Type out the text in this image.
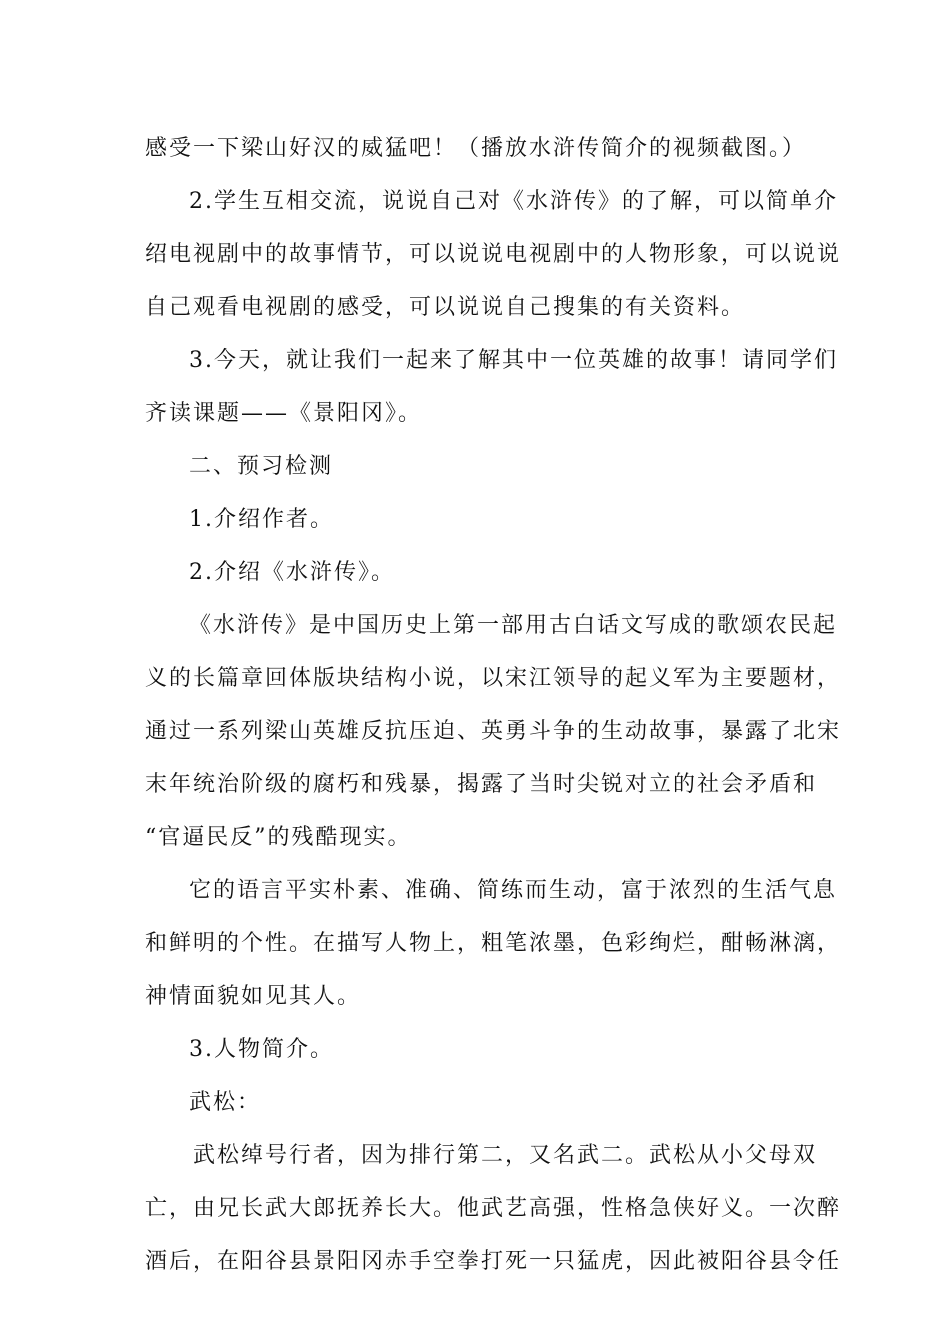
感受一下梁山好汉的威猛吧！（播放水浒传简介的视频截图。）
2.学生互相交流，说说自己对《水浒传》的了解，可以简单介
绍电视剧中的故事情节，可以说说电视剧中的人物形象，可以说说
自己观看电视剧的感受，可以说说自己搜集的有关资料。
3.今天，就让我们一起来了解其中一位英雄的故事！请同学们
齐读课题——《景阳冈》。
二、预习检测
1.介绍作者。
2.介绍《水浒传》。
《水浒传》是中国历史上第一部用古白话文写成的歌颂农民起
义的长篇章回体版块结构小说，以宋江领导的起义军为主要题材，
通过一系列梁山英雄反抗压迫、英勇斗争的生动故事，暴露了北宋
末年统治阶级的腐朽和残暴，揭露了当时尖锐对立的社会矛盾和
“官逼民反”的残酷现实。
它的语言平实朴素、准确、简练而生动，富于浓烈的生活气息
和鲜明的个性。在描写人物上，粗笔浓墨，色彩绚烂，酣畅淋漓，
神情面貌如见其人。
3.人物简介。
武松：
武松绰号行者，因为排行第二，又名武二。武松从小父母双
亡，由兄长武大郎抚养长大。他武艺高强，性格急侠好义。一次醉
酒后，在阳谷县景阳冈赤手空拳打死一只猛虎，因此被阳谷县令任
